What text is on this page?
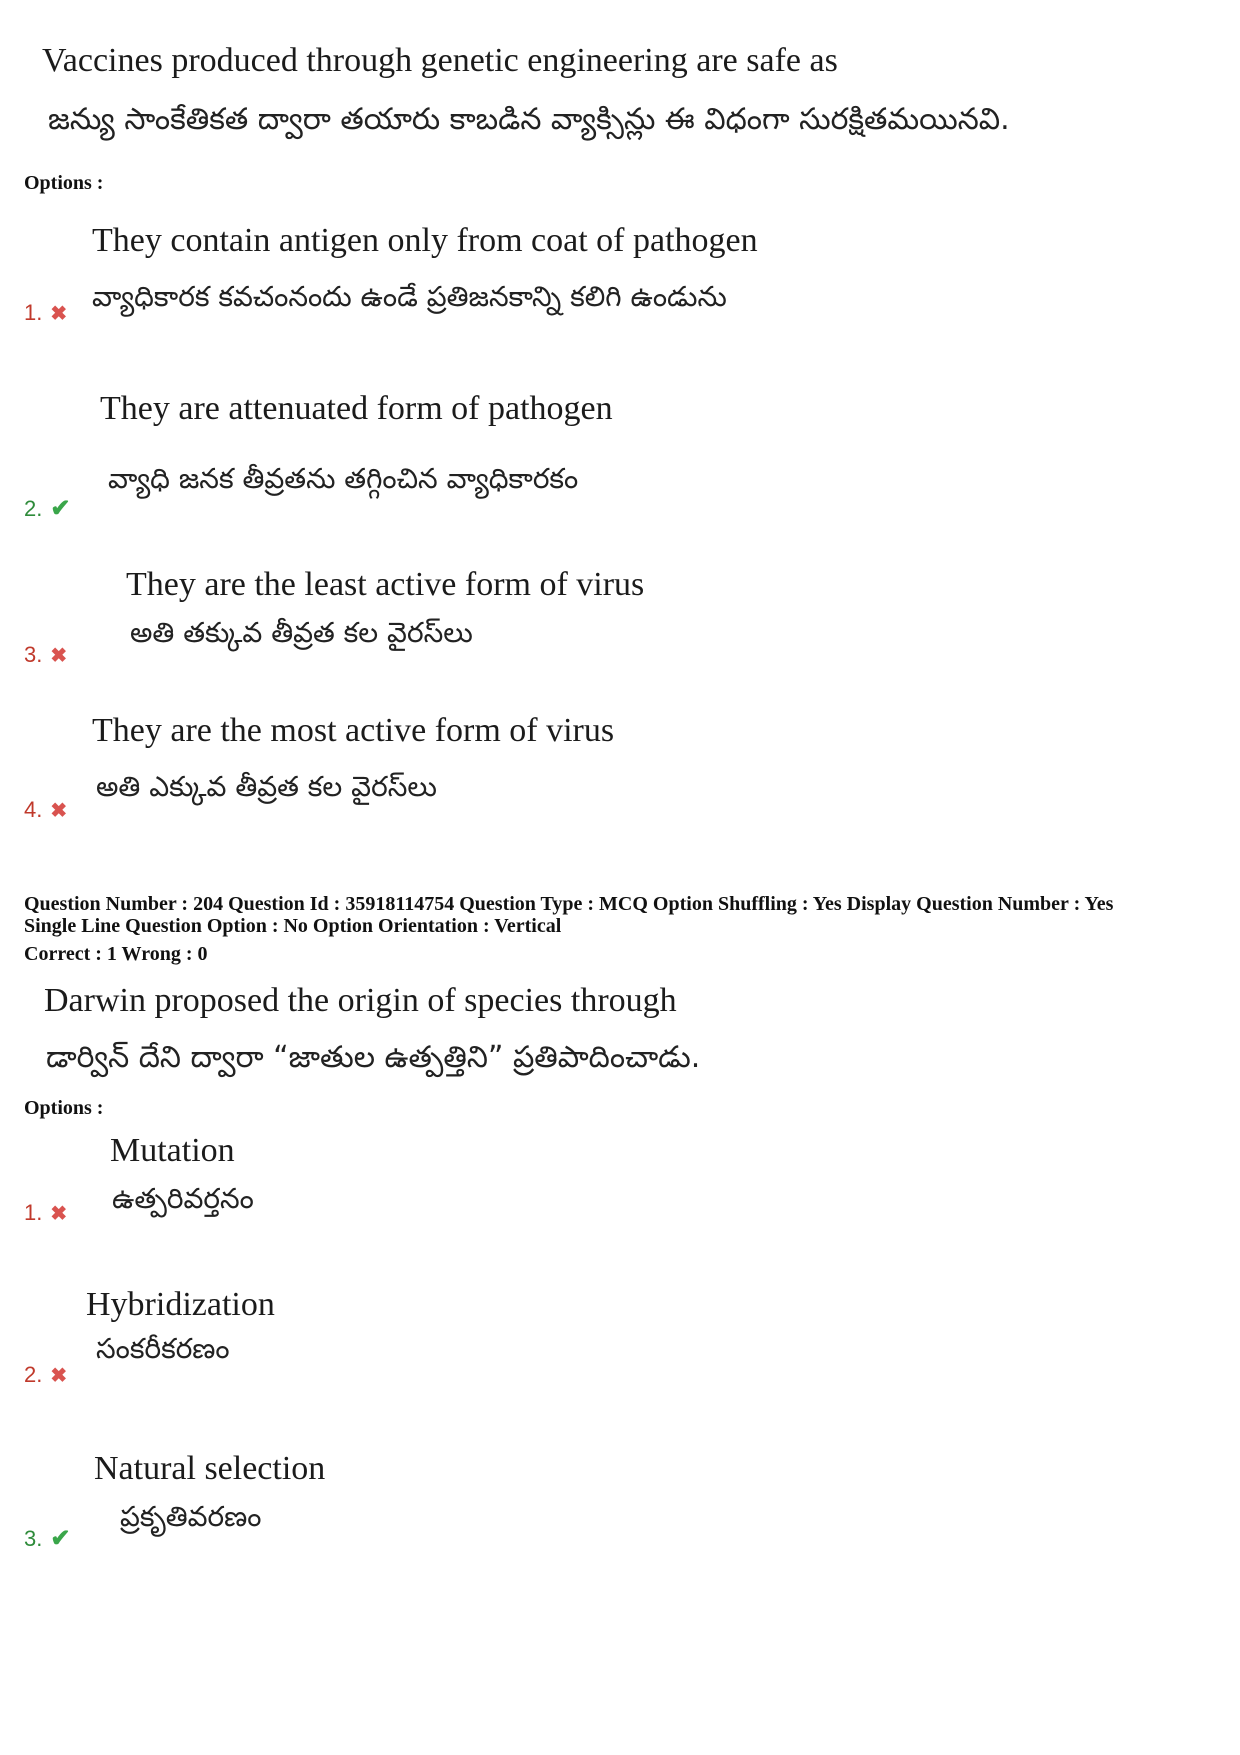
Vaccines produced through genetic engineering are safe as
జన్యు సాంకేతికత ద్వారా తయారు కాబడిన వ్యాక్సిన్లు ఈ విధంగా సురక్షితమయినవి.
Options :
They contain antigen only from coat of pathogen
వ్యాధికారక కవచంనందు ఉండే ప్రతిజనకాన్ని కలిగి ఉండును
1. ✖
They are attenuated form of pathogen
వ్యాధి జనక తీవ్రతను తగ్గించిన వ్యాధికారకం
2. ✔
They are the least active form of virus
అతి తక్కువ తీవ్రత కల వైరస్‌లు
3. ✖
They are the most active form of virus
అతి ఎక్కువ తీవ్రత కల వైరస్‌లు
4. ✖
Question Number : 204 Question Id : 35918114754 Question Type : MCQ Option Shuffling : Yes Display Question Number : Yes
Single Line Question Option : No Option Orientation : Vertical
Correct : 1 Wrong : 0
Darwin proposed the origin of species through
డార్విన్ దేని ద్వారా “జాతుల ఉత్పత్తిని” ప్రతిపాదించాడు.
Options :
Mutation
ఉత్పరివర్తనం
1. ✖
Hybridization
సంకరీకరణం
2. ✖
Natural selection
ప్రకృతివరణం
3. ✔
